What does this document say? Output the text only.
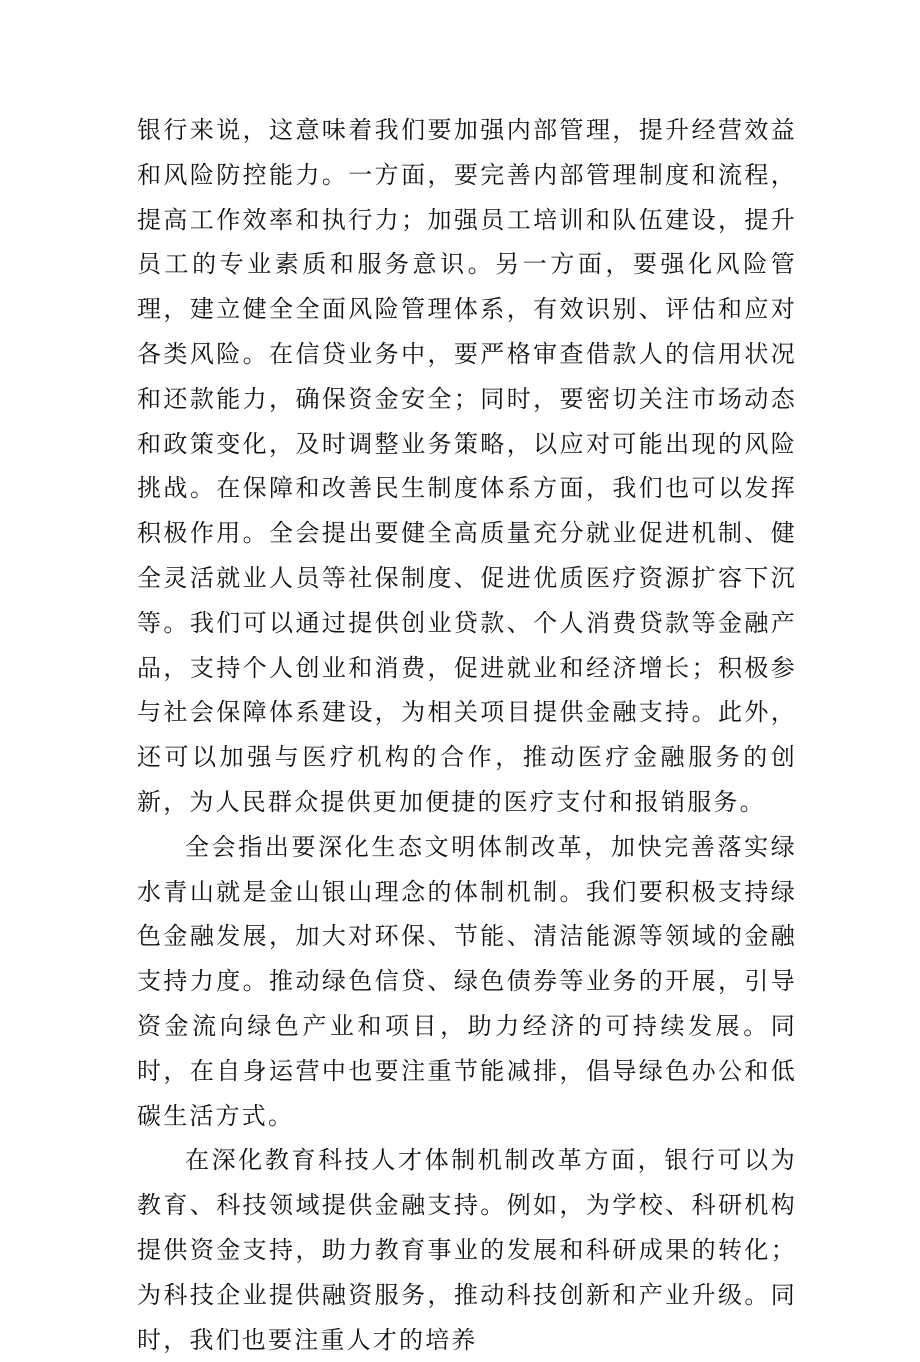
银行来说，这意味着我们要加强内部管理，提升经营效益和风险防控能力。一方面，要完善内部管理制度和流程，提高工作效率和执行力；加强员工培训和队伍建设，提升员工的专业素质和服务意识。另一方面，要强化风险管理，建立健全全面风险管理体系，有效识别、评估和应对各类风险。在信贷业务中，要严格审查借款人的信用状况和还款能力，确保资金安全；同时，要密切关注市场动态和政策变化，及时调整业务策略，以应对可能出现的风险挑战。在保障和改善民生制度体系方面，我们也可以发挥积极作用。全会提出要健全高质量充分就业促进机制、健全灵活就业人员等社保制度、促进优质医疗资源扩容下沉等。我们可以通过提供创业贷款、个人消费贷款等金融产品，支持个人创业和消费，促进就业和经济增长；积极参与社会保障体系建设，为相关项目提供金融支持。此外，还可以加强与医疗机构的合作，推动医疗金融服务的创新，为人民群众提供更加便捷的医疗支付和报销服务。

全会指出要深化生态文明体制改革，加快完善落实绿水青山就是金山银山理念的体制机制。我们要积极支持绿色金融发展，加大对环保、节能、清洁能源等领域的金融支持力度。推动绿色信贷、绿色债券等业务的开展，引导资金流向绿色产业和项目，助力经济的可持续发展。同时，在自身运营中也要注重节能减排，倡导绿色办公和低碳生活方式。

在深化教育科技人才体制机制改革方面，银行可以为教育、科技领域提供金融支持。例如，为学校、科研机构提供资金支持，助力教育事业的发展和科研成果的转化；为科技企业提供融资服务，推动科技创新和产业升级。同时，我们也要注重人才的培养
